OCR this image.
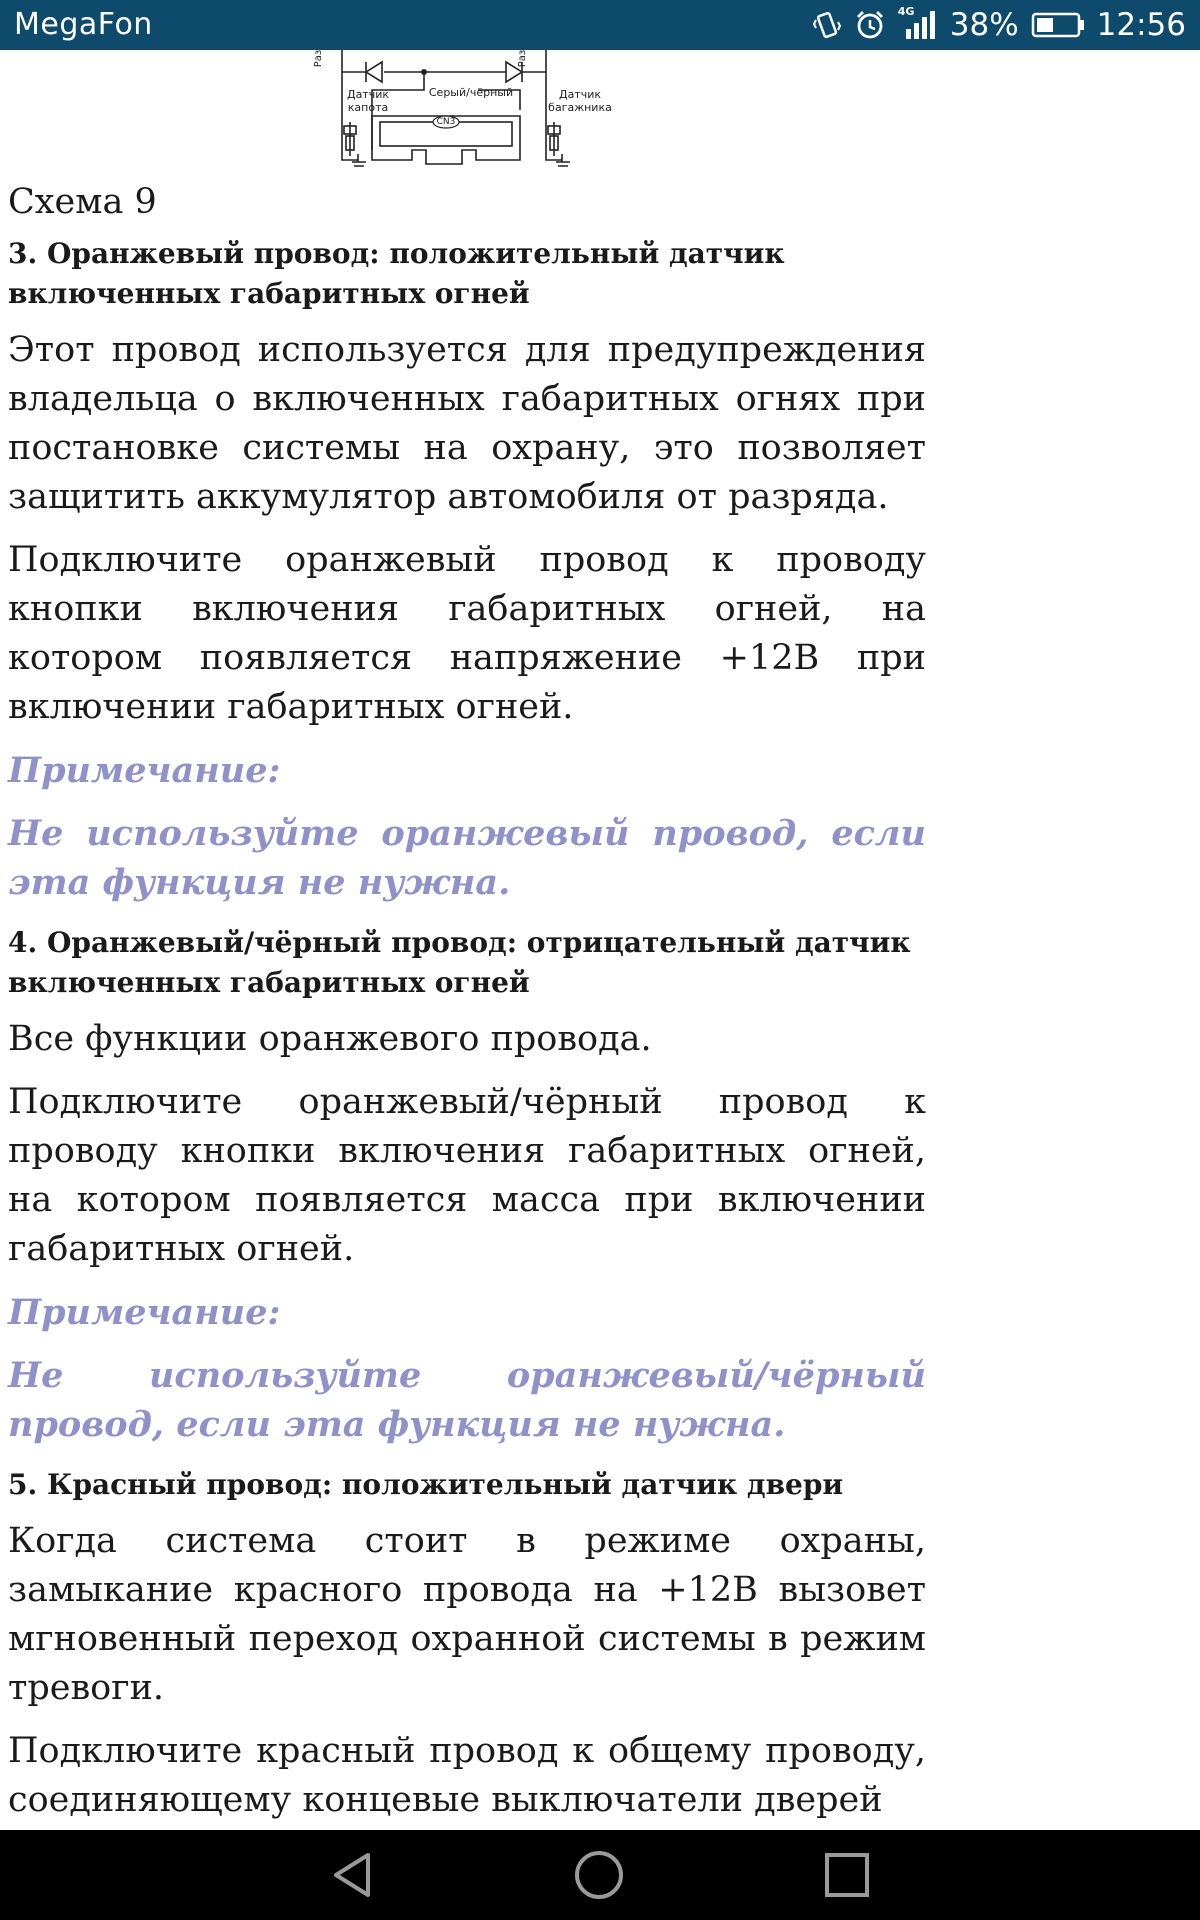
MegaFon	4G 38%	12:56
Раз	Раз
Датчик капота
Серый/чёрный	Датчик багажника
CN3
Схема 9
3. Оранжевый провод: положительный датчик включенных габаритных огней
Этот провод используется для предупреждения владельца о включенных габаритных огнях при постановке системы на охрану, это позволяет защитить аккумулятор автомобиля от разряда.
Подключите оранжевый провод к проводу кнопки включения габаритных огней, на котором появляется напряжение +12В при включении габаритных огней.
Примечание:
Не используйте оранжевый провод, если эта функция не нужна.
4. Оранжевый/чёрный провод: отрицательный датчик включенных габаритных огней
Все функции оранжевого провода.
Подключите оранжевый/чёрный провод к проводу кнопки включения габаритных огней, на котором появляется масса при включении габаритных огней.
Примечание:
Не используйте оранжевый/чёрный провод, если эта функция не нужна.
5. Красный провод: положительный датчик двери
Когда система стоит в режиме охраны, замыкание красного провода на +12В вызовет мгновенный переход охранной системы в режим тревоги.
Подключите красный провод к общему проводу, соединяющему концевые выключатели дверей
